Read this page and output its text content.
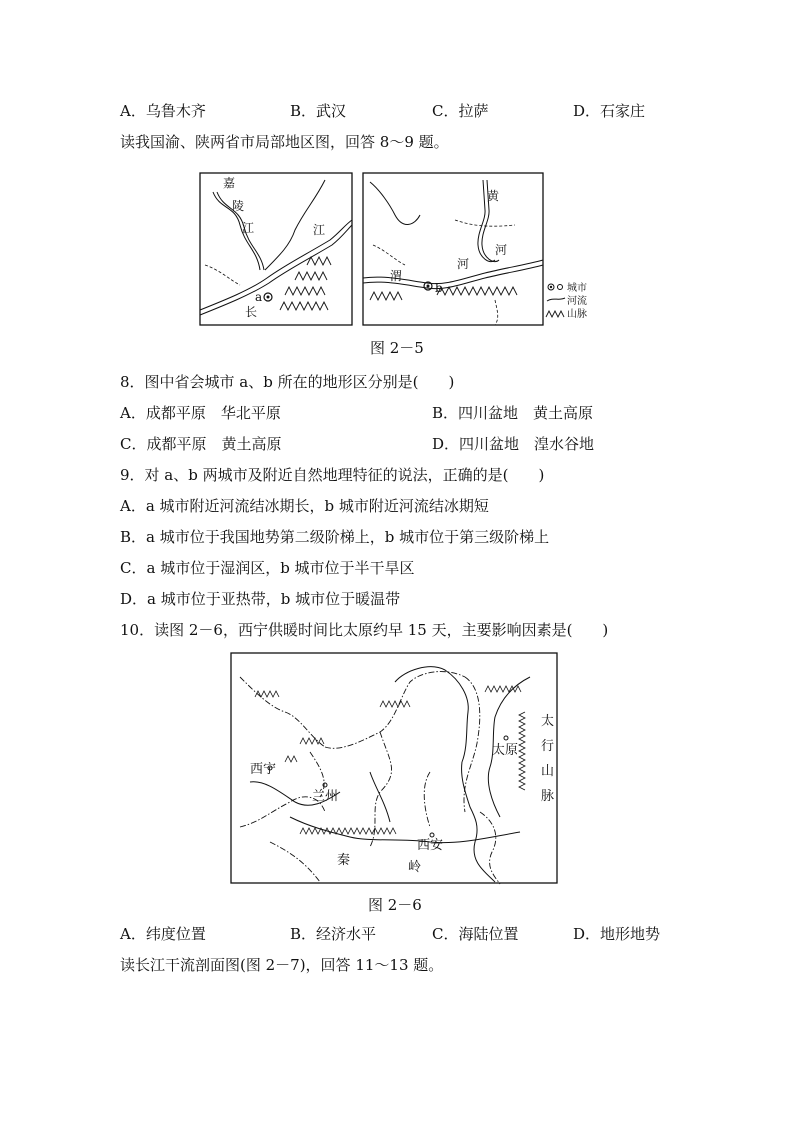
A．乌鲁木齐	B．武汉	C．拉萨	D．石家庄
读我国渝、陕两省市局部地区图，回答 8～9 题。
嘉
陵
江	江
a
长
黄
河
渭
河
b	城市
河流
山脉
图 2－5
8．图中省会城市 a、b 所在的地形区分别是(　　)
A．成都平原　华北平原	B．四川盆地　黄土高原
C．成都平原　黄土高原	D．四川盆地　湟水谷地
9．对 a、b 两城市及附近自然地理特征的说法，正确的是(　　)
A．a 城市附近河流结冰期长，b 城市附近河流结冰期短
B．a 城市位于我国地势第二级阶梯上，b 城市位于第三级阶梯上
C．a 城市位于湿润区，b 城市位于半干旱区
D．a 城市位于亚热带，b 城市位于暖温带
10．读图 2－6，西宁供暖时间比太原约早 15 天，主要影响因素是(　　)
西宁
兰州
太原
太
行
山
脉
西安
秦	岭
图 2－6
A．纬度位置	B．经济水平	C．海陆位置	D．地形地势
读长江干流剖面图(图 2－7)，回答 11～13 题。
